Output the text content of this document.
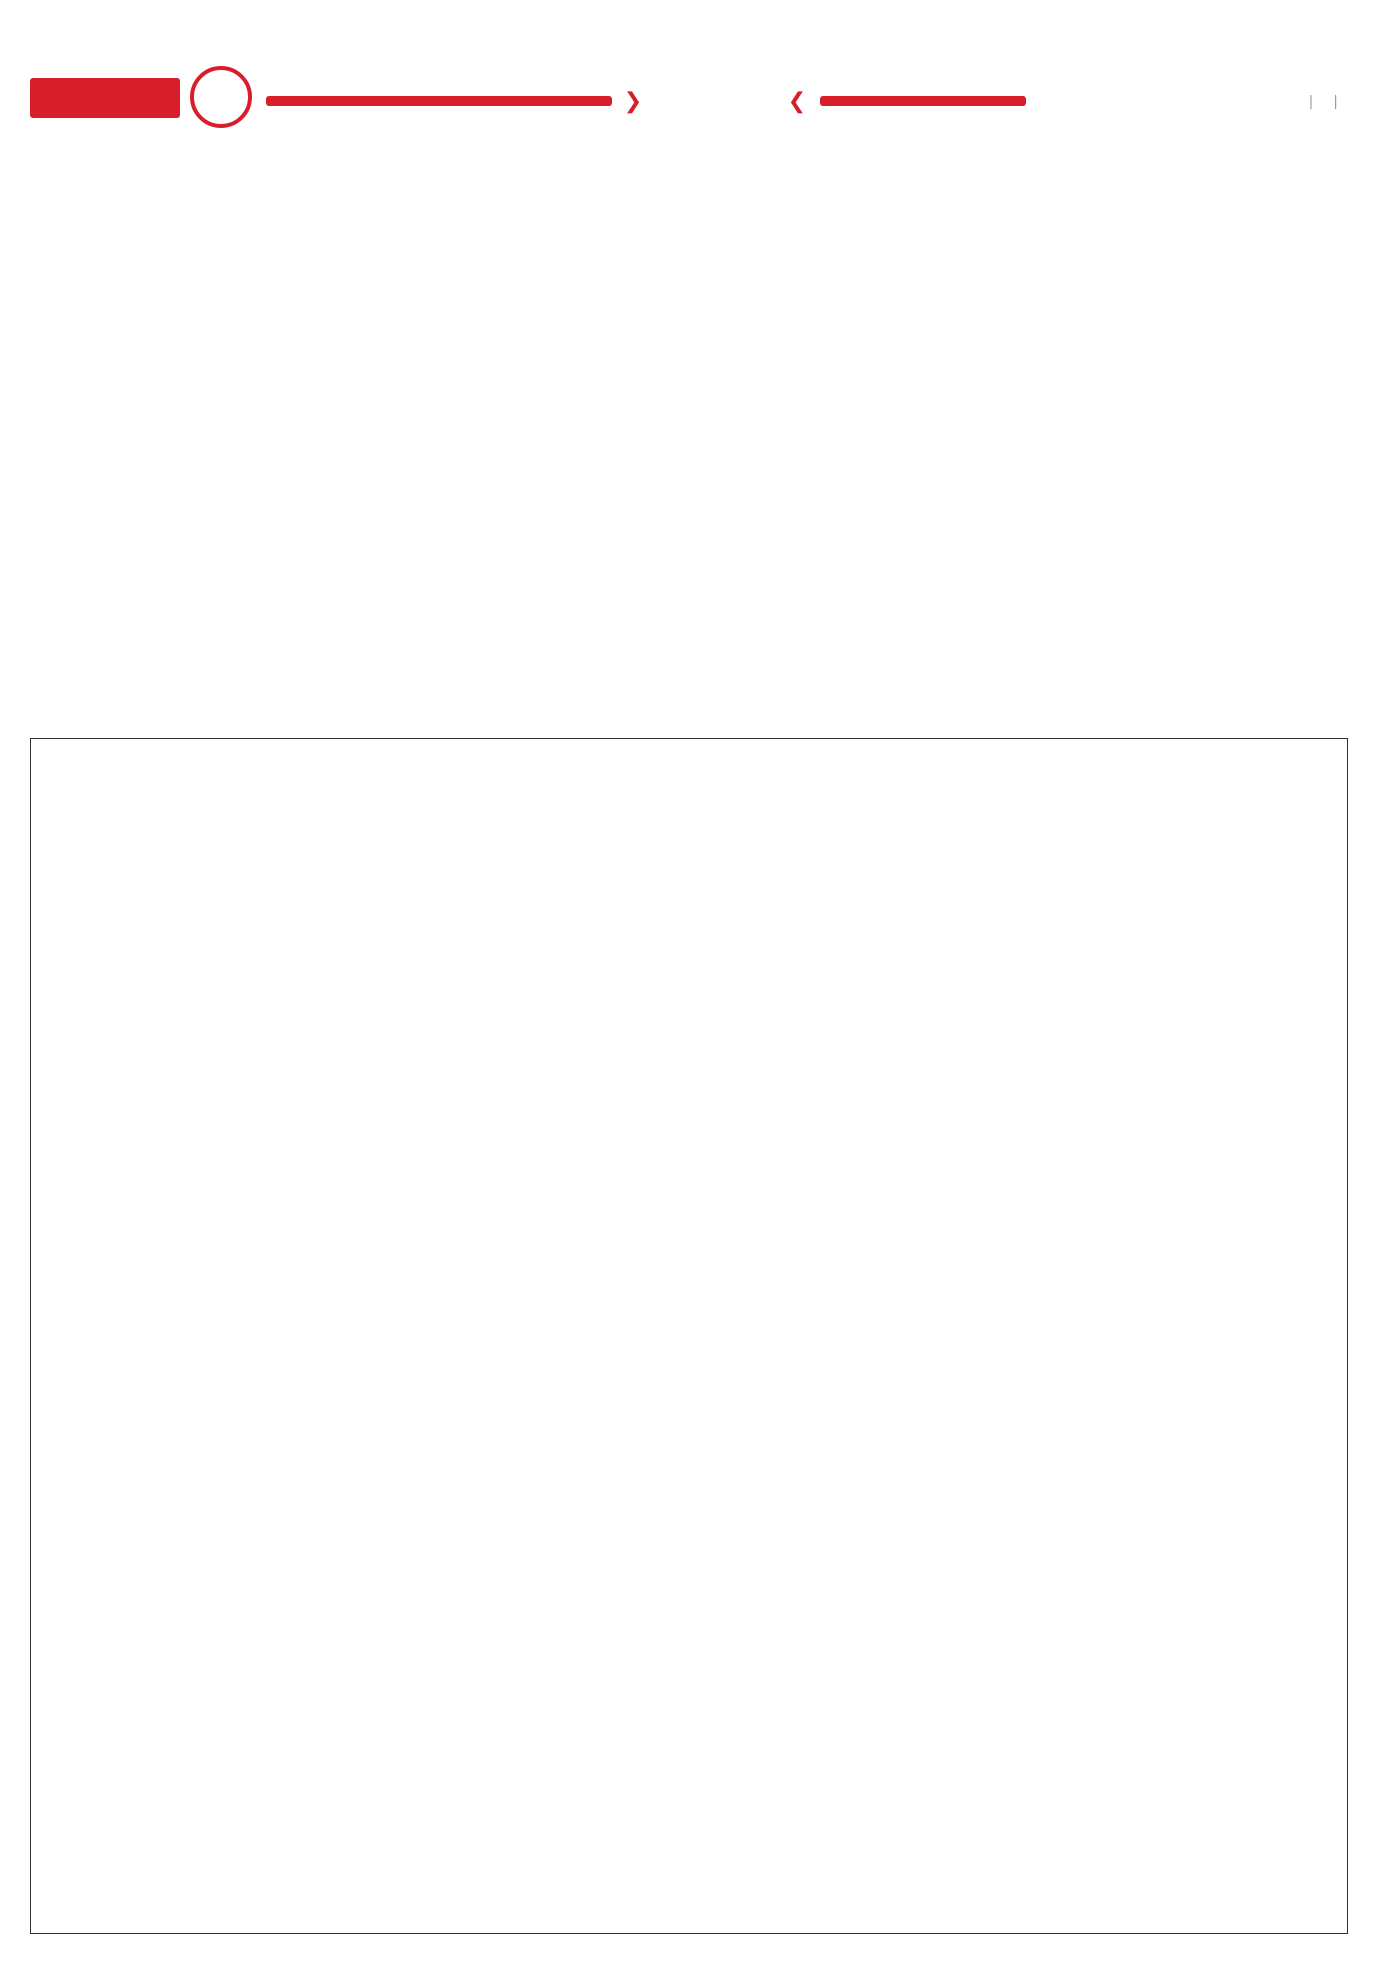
❮	❯	|
|
